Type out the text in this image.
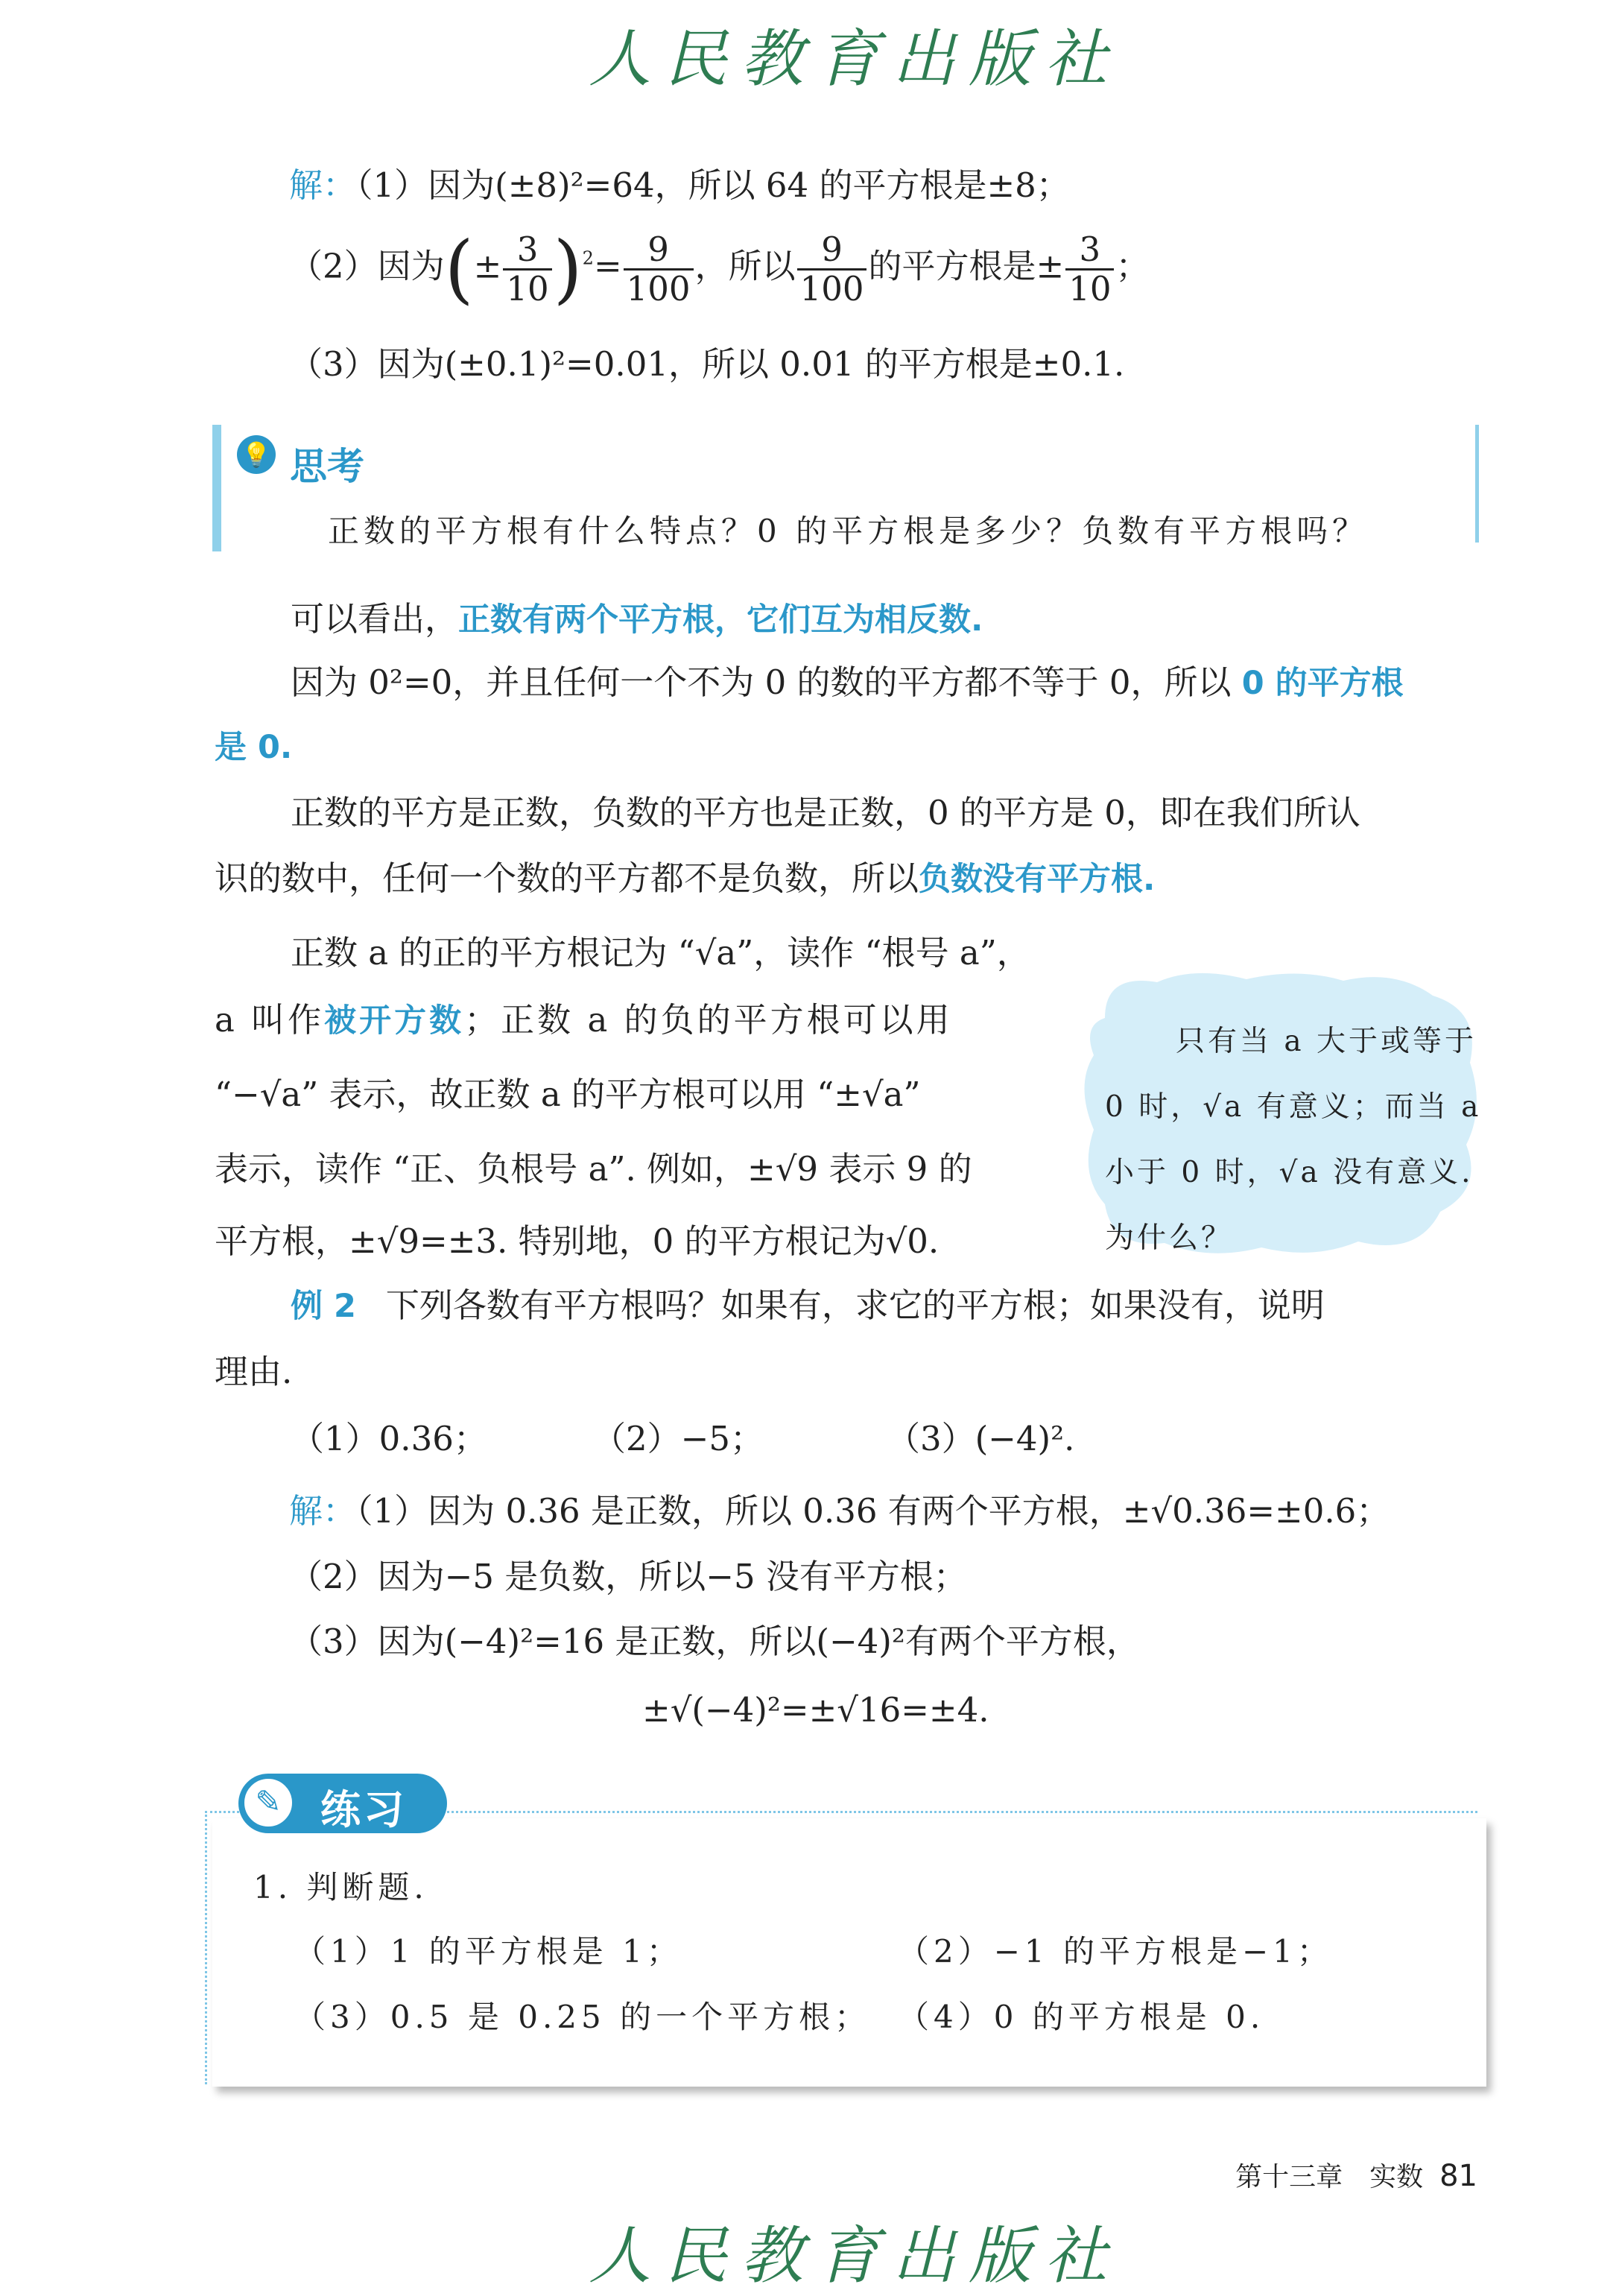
人民教育出版社
解：（1）因为(±8)²=64，所以 64 的平方根是±8；
（2）因为(± $\frac{3}{10} )^2= \frac{9}{100}$ ，所以 $\frac{9}{100}$ 的平方根是± $\frac{3}{10}$ ；
（3）因为(±0.1)²=0.01，所以 0.01 的平方根是±0.1.
💡 思考
正数的平方根有什么特点？0 的平方根是多少？负数有平方根吗？
可以看出，正数有两个平方根，它们互为相反数.
因为 0²=0，并且任何一个不为 0 的数的平方都不等于 0，所以 0 的平方根
是 0.
正数的平方是正数，负数的平方也是正数，0 的平方是 0，即在我们所认
识的数中，任何一个数的平方都不是负数，所以负数没有平方根.
正数 a 的正的平方根记为 “√a”，读作 “根号 a”，
a 叫作被开方数；正数 a 的负的平方根可以用
“−√a” 表示，故正数 a 的平方根可以用 “±√a”
表示，读作 “正、负根号 a”. 例如，±√9 表示 9 的
平方根，±√9=±3. 特别地，0 的平方根记为√0.
只有当 a 大于或等于
0 时，√a 有意义；而当 a
小于 0 时，√a 没有意义.
为什么？
例 2 下列各数有平方根吗？如果有，求它的平方根；如果没有，说明
理由.
（1）0.36；	（2）−5；	（3）(−4)².
解：（1）因为 0.36 是正数，所以 0.36 有两个平方根，±√0.36=±0.6；
（2）因为−5 是负数，所以−5 没有平方根；
（3）因为(−4)²=16 是正数，所以(−4)²有两个平方根，
±√(−4)²=±√16=±4.
✎ 练习
1. 判断题.
（1）1 的平方根是 1；	（2）−1 的平方根是−1；
（3）0.5 是 0.25 的一个平方根； （4）0 的平方根是 0.
第十三章　实数 81
人民教育出版社
